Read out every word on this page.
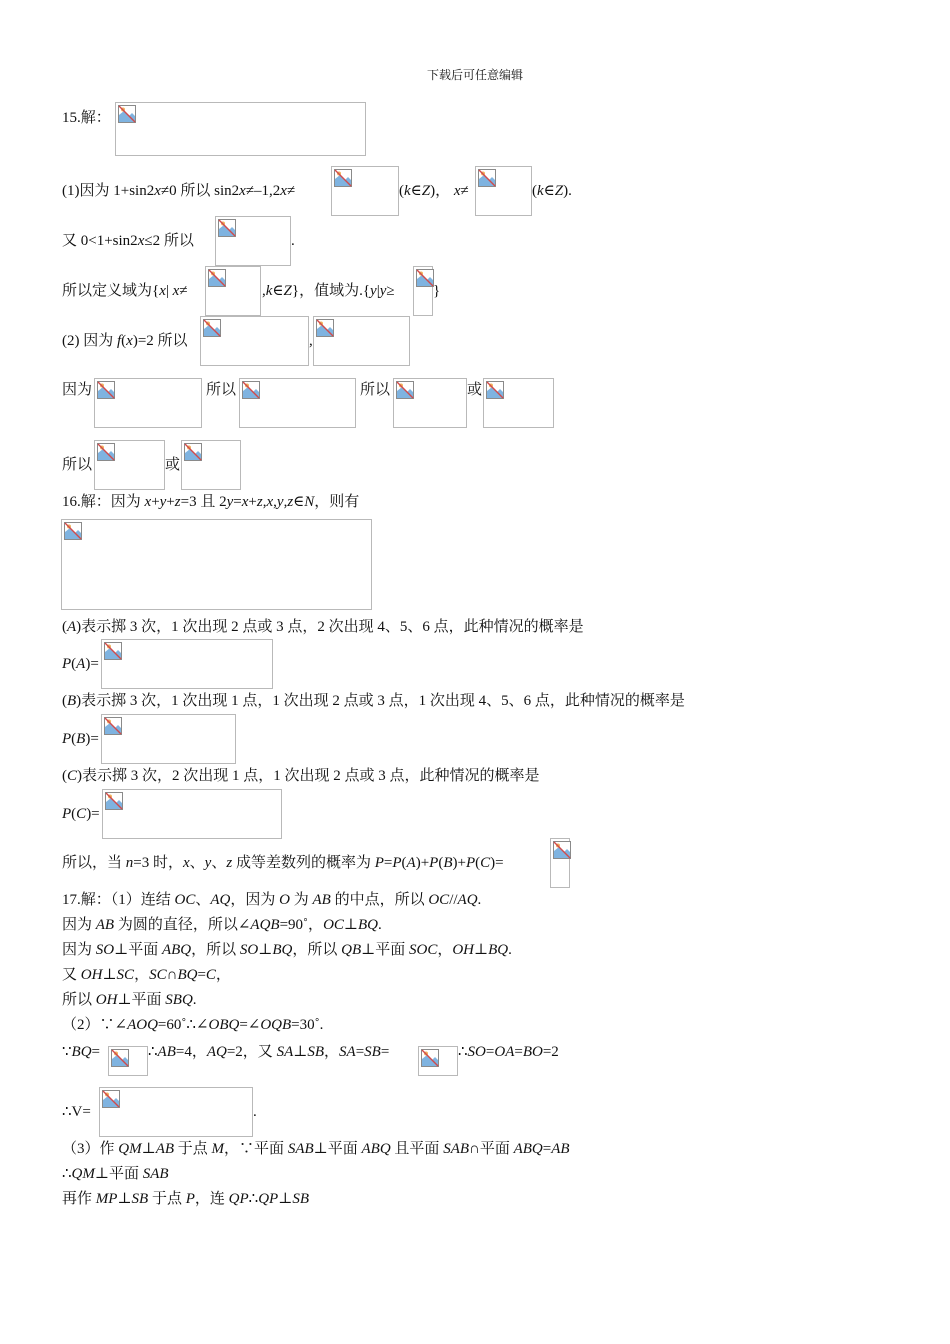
下载后可任意编辑
15.解：
(1)因为 1+sin2x≠0 所以 sin2x≠–1,2x≠	(k∈Z)， x≠	(k∈Z).
又 0<1+sin2x≤2 所以	.
所以定义域为{x| x≠	,k∈Z}，值域为.{y|y≥	}
(2) 因为 f(x)=2 所以	,
因为	所以	所以	或
所以	或
16.解：因为 x+y+z=3 且 2y=x+z,x,y,z∈N，则有
(A)表示掷 3 次，1 次出现 2 点或 3 点，2 次出现 4、5、6 点，此种情况的概率是
P(A)=
(B)表示掷 3 次，1 次出现 1 点，1 次出现 2 点或 3 点，1 次出现 4、5、6 点，此种情况的概率是
P(B)=
(C)表示掷 3 次，2 次出现 1 点，1 次出现 2 点或 3 点，此种情况的概率是
P(C)=
所以，当 n=3 时，x、y、z 成等差数列的概率为 P=P(A)+P(B)+P(C)=
17.解：（1）连结 OC、AQ，因为 O 为 AB 的中点，所以 OC//AQ.
因为 AB 为圆的直径，所以∠AQB=90˚，OC⊥BQ.
因为 SO⊥平面 ABQ，所以 SO⊥BQ，所以 QB⊥平面 SOC，OH⊥BQ.
又 OH⊥SC，SC∩BQ=C，
所以 OH⊥平面 SBQ.
（2）∵∠AOQ=60˚∴∠OBQ=∠OQB=30˚.
∵BQ=	∴AB=4，AQ=2，又 SA⊥SB，SA=SB=	∴SO=OA=BO=2
∴V=	.
（3）作 QM⊥AB 于点 M，∵平面 SAB⊥平面 ABQ 且平面 SAB∩平面 ABQ=AB
∴QM⊥平面 SAB
再作 MP⊥SB 于点 P，连 QP∴QP⊥SB
